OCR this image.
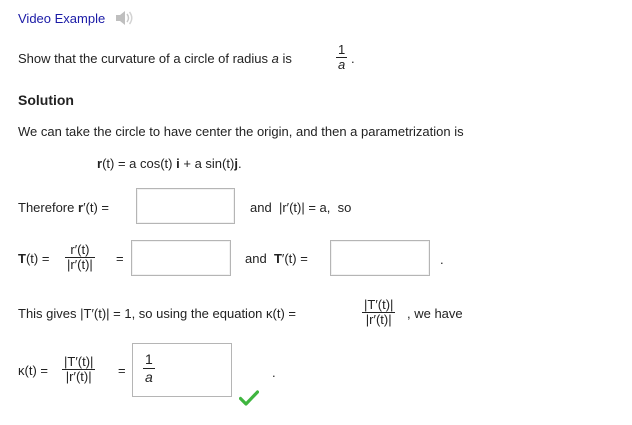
Video Example
Show that the curvature of a circle of radius a is
1
a .
Solution
We can take the circle to have center the origin, and then a parametrization is
r(t) = a cos(t) i + a sin(t)j.
Therefore r′(t) =	and |r′(t)| = a, so
T(t) =
r′(t)
|r′(t)| =	and T′(t) =	.
This gives |T′(t)| = 1, so using the equation κ(t) =
|T′(t)|
|r′(t)| , we have
κ(t) =
|T′(t)|
|r′(t)| =
1
a	.
